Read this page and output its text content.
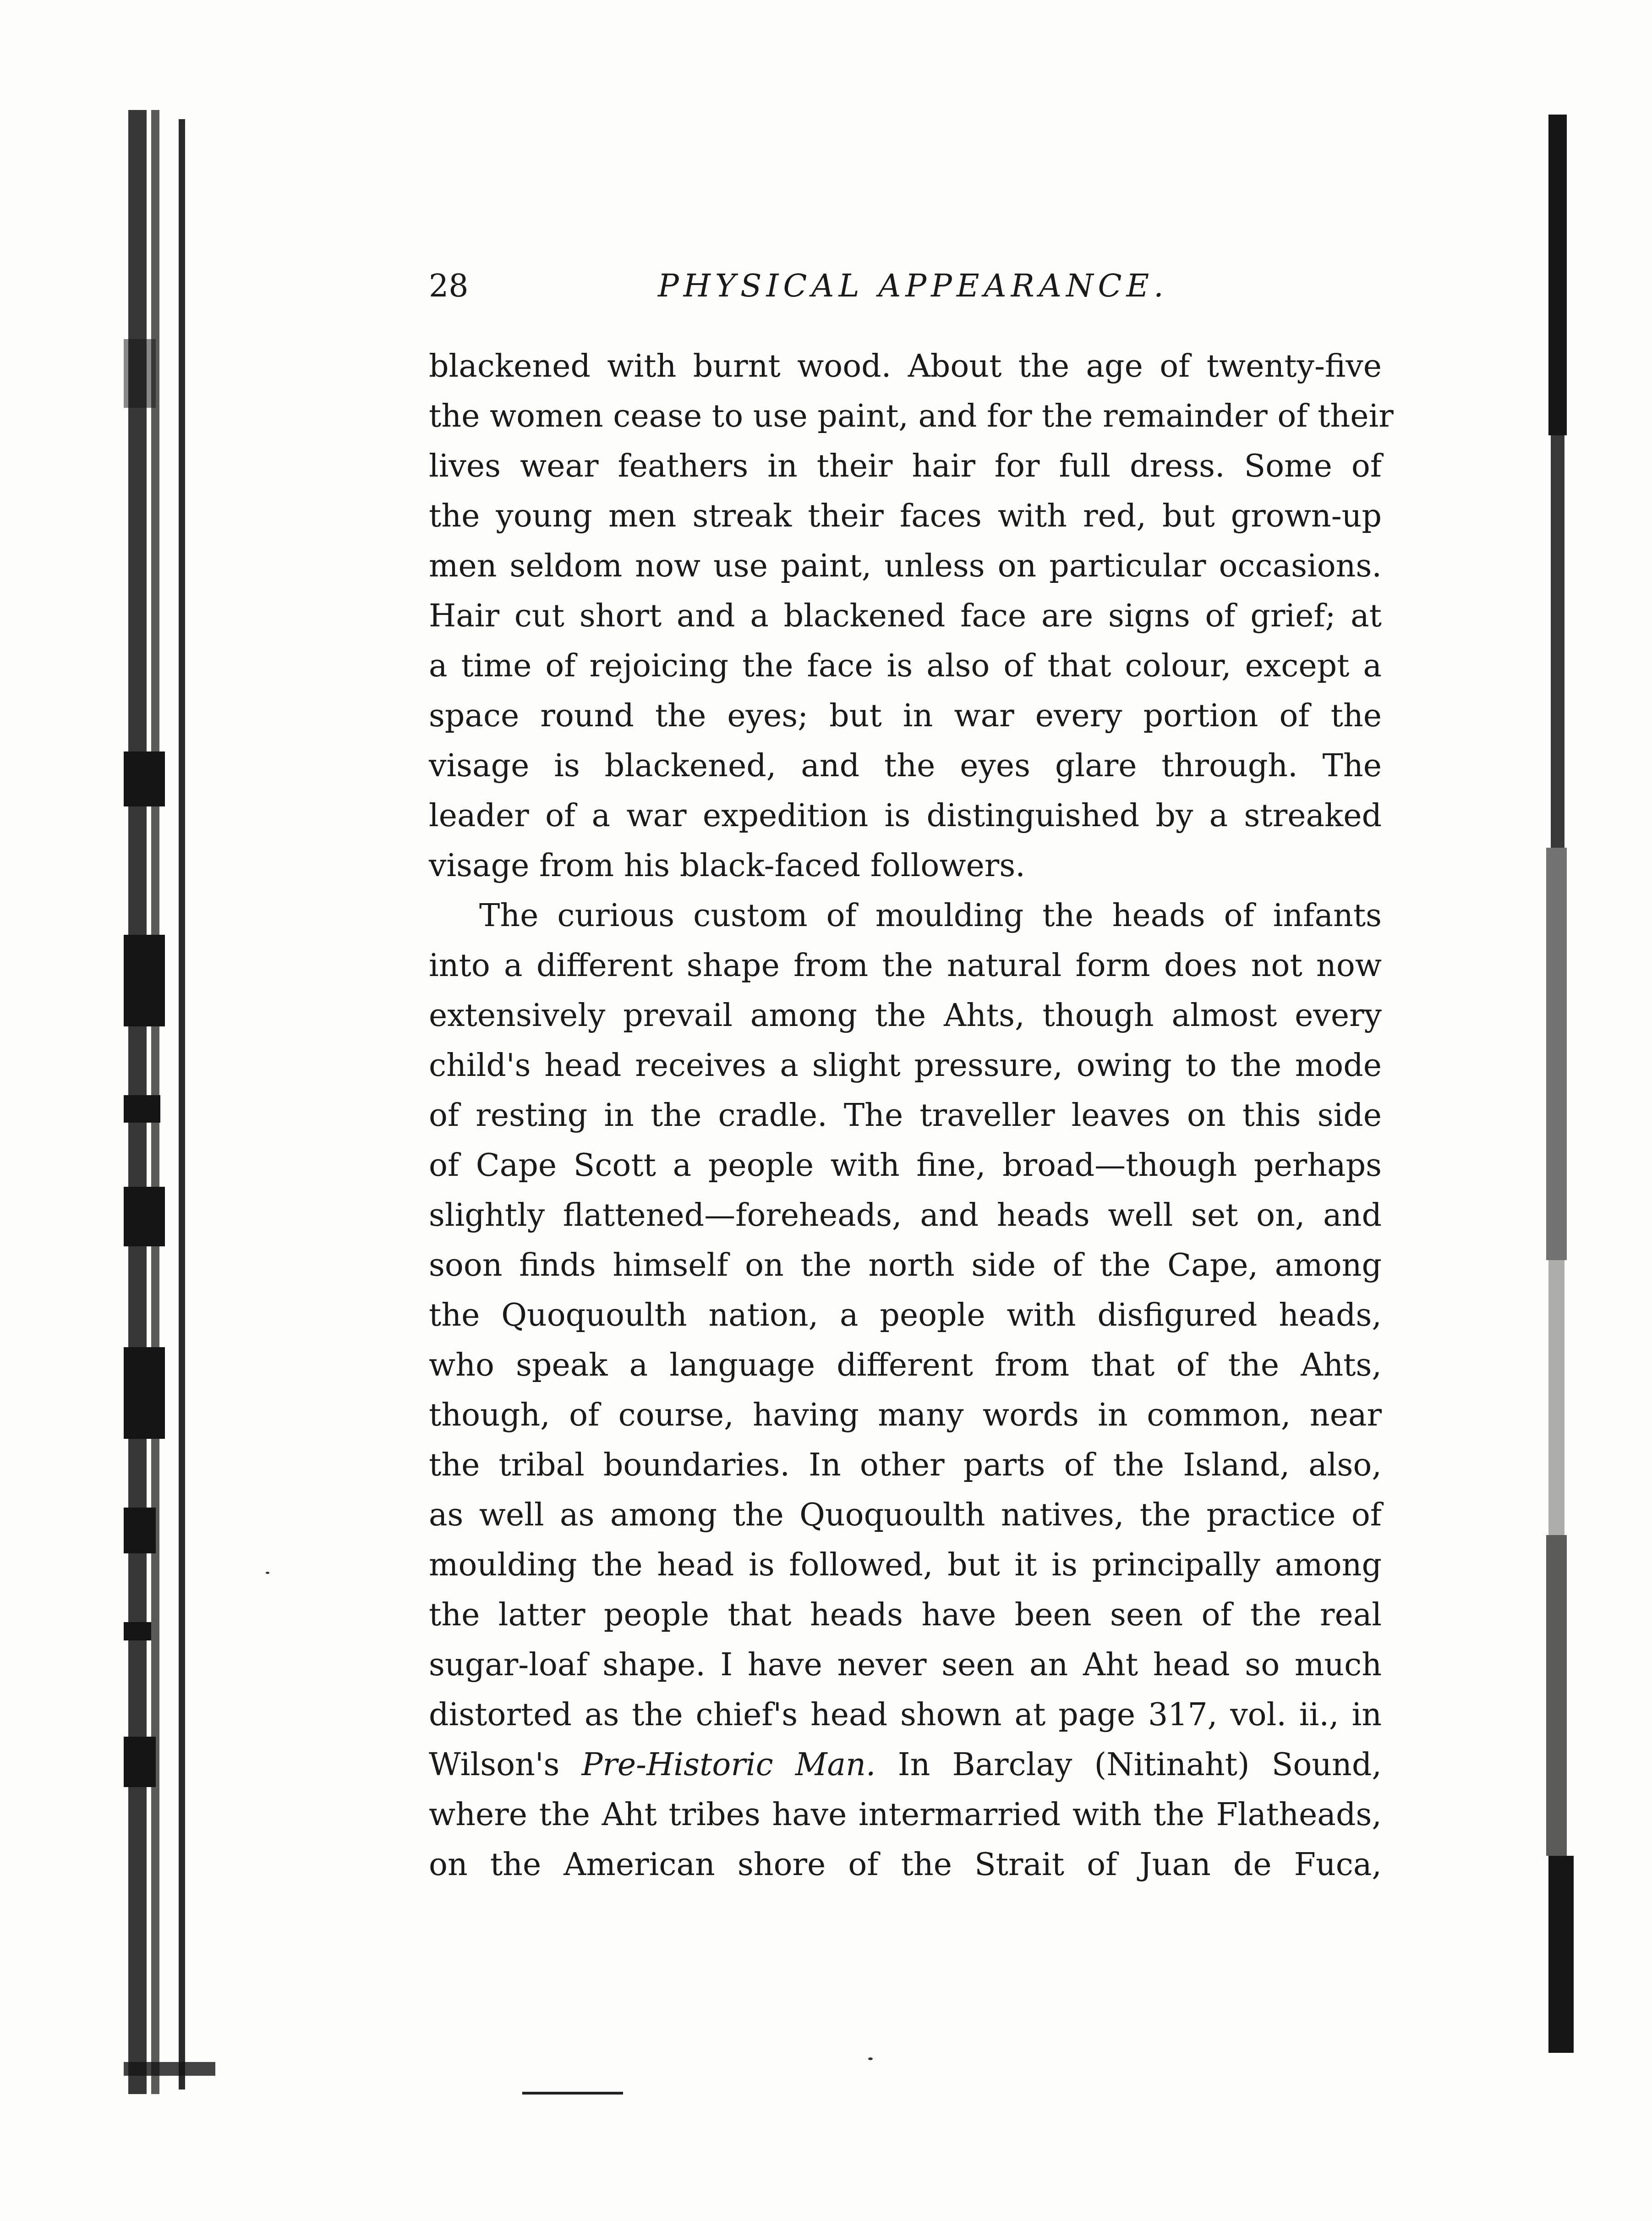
28	PHYSICAL APPEARANCE.
blackened with burnt wood. About the age of twenty-five
the women cease to use paint, and for the remainder of their
lives wear feathers in their hair for full dress. Some of
the young men streak their faces with red, but grown-up
men seldom now use paint, unless on particular occasions.
Hair cut short and a blackened face are signs of grief; at
a time of rejoicing the face is also of that colour, except a
space round the eyes; but in war every portion of the
visage is blackened, and the eyes glare through. The
leader of a war expedition is distinguished by a streaked
visage from his black-faced followers.
The curious custom of moulding the heads of infants
into a different shape from the natural form does not now
extensively prevail among the Ahts, though almost every
child's head receives a slight pressure, owing to the mode
of resting in the cradle. The traveller leaves on this side
of Cape Scott a people with fine, broad—though perhaps
slightly flattened—foreheads, and heads well set on, and
soon finds himself on the north side of the Cape, among
the Quoquoulth nation, a people with disfigured heads,
who speak a language different from that of the Ahts,
though, of course, having many words in common, near
the tribal boundaries. In other parts of the Island, also,
as well as among the Quoquoulth natives, the practice of
moulding the head is followed, but it is principally among
the latter people that heads have been seen of the real
sugar-loaf shape. I have never seen an Aht head so much
distorted as the chief's head shown at page 317, vol. ii., in
Wilson's Pre-Historic Man. In Barclay (Nitinaht) Sound,
where the Aht tribes have intermarried with the Flatheads,
on the American shore of the Strait of Juan de Fuca,
